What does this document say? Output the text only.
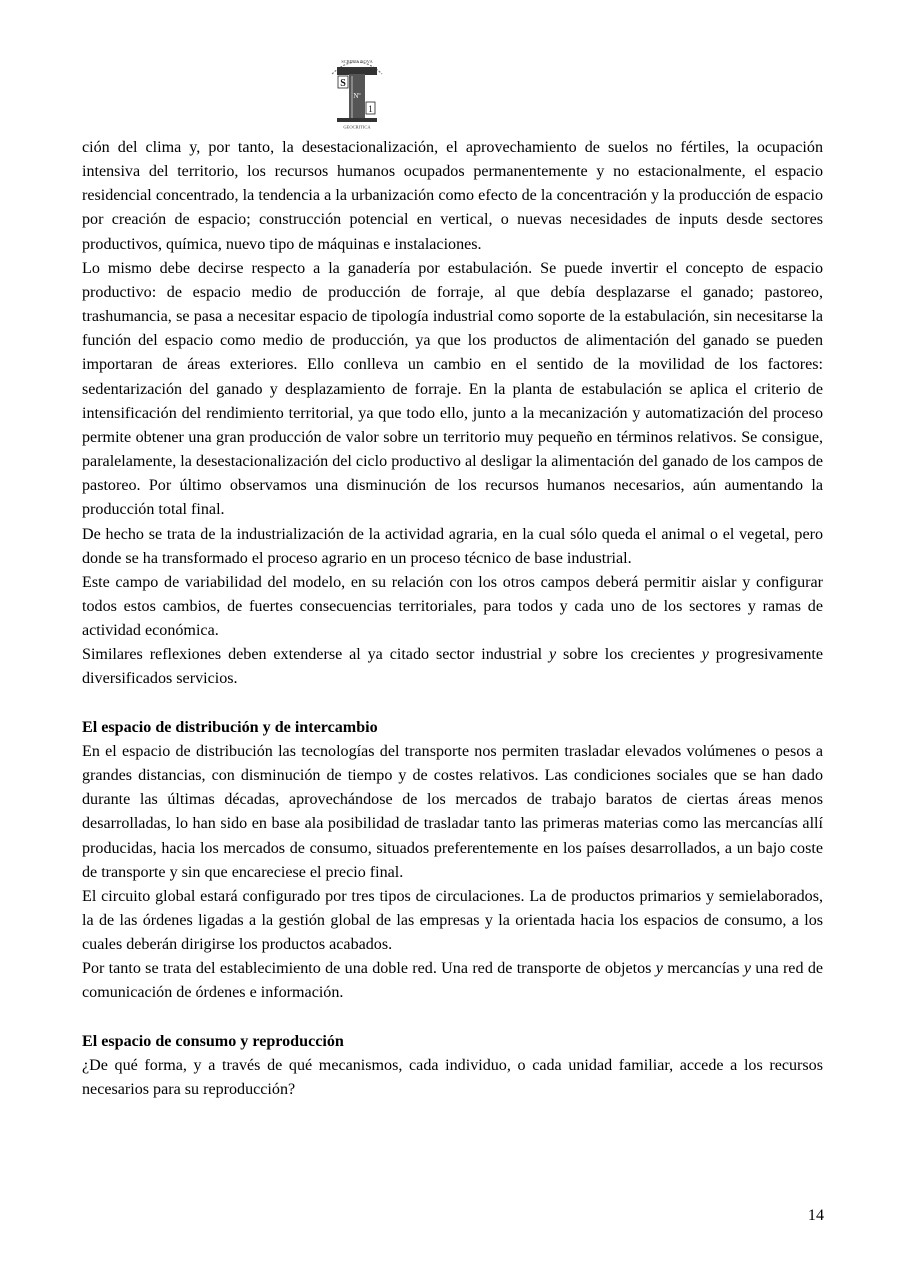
SCRIPTA NOVA
S
Nº
1
GEOCRITICA

ción del clima y, por tanto, la desestacionalización, el aprovechamiento de suelos no fértiles, la ocupación intensiva del territorio, los recursos humanos ocupados permanentemente y no estacionalmente, el espacio residencial concentrado, la tendencia a la urbanización como efecto de la concentración y la producción de espacio por creación de espacio; construcción potencial en vertical, o nuevas necesidades de inputs desde sectores productivos, química, nuevo tipo de máquinas e instalaciones.

Lo mismo debe decirse respecto a la ganadería por estabulación. Se puede invertir el concepto de espacio productivo: de espacio medio de producción de forraje, al que debía desplazarse el ganado; pastoreo, trashumancia, se pasa a necesitar espacio de tipología industrial como soporte de la estabulación, sin necesitarse la función del espacio como medio de producción, ya que los productos de alimentación del ganado se pueden importaran de áreas exteriores. Ello conlleva un cambio en el sentido de la movilidad de los factores: sedentarización del ganado y desplazamiento de forraje. En la planta de estabulación se aplica el criterio de intensificación del rendimiento territorial, ya que todo ello, junto a la mecanización y automatización del proceso permite obtener una gran producción de valor sobre un territorio muy pequeño en términos relativos. Se consigue, paralelamente, la desestacionalización del ciclo productivo al desligar la alimentación del ganado de los campos de pastoreo. Por último observamos una disminución de los recursos humanos necesarios, aún aumentando la producción total final.

De hecho se trata de la industrialización de la actividad agraria, en la cual sólo queda el animal o el vegetal, pero donde se ha transformado el proceso agrario en un proceso técnico de base industrial.

Este campo de variabilidad del modelo, en su relación con los otros campos deberá permitir aislar y configurar todos estos cambios, de fuertes consecuencias territoriales, para todos y cada uno de los sectores y ramas de actividad económica.

Similares reflexiones deben extenderse al ya citado sector industrial y sobre los crecientes y progresivamente diversificados servicios.

El espacio de distribución y de intercambio

En el espacio de distribución las tecnologías del transporte nos permiten trasladar elevados volúmenes o pesos a grandes distancias, con disminución de tiempo y de costes relativos. Las condiciones sociales que se han dado durante las últimas décadas, aprovechándose de los mercados de trabajo baratos de ciertas áreas menos desarrolladas, lo han sido en base ala posibilidad de trasladar tanto las primeras materias como las mercancías allí producidas, hacia los mercados de consumo, situados preferentemente en los países desarrollados, a un bajo coste de transporte y sin que encareciese el precio final.

El circuito global estará configurado por tres tipos de circulaciones. La de productos primarios y semielaborados, la de las órdenes ligadas a la gestión global de las empresas y la orientada hacia los espacios de consumo, a los cuales deberán dirigirse los productos acabados.

Por tanto se trata del establecimiento de una doble red. Una red de transporte de objetos y mercancías y una red de comunicación de órdenes e información.

El espacio de consumo y reproducción

¿De qué forma, y a través de qué mecanismos, cada individuo, o cada unidad familiar, accede a los recursos necesarios para su reproducción?

14
